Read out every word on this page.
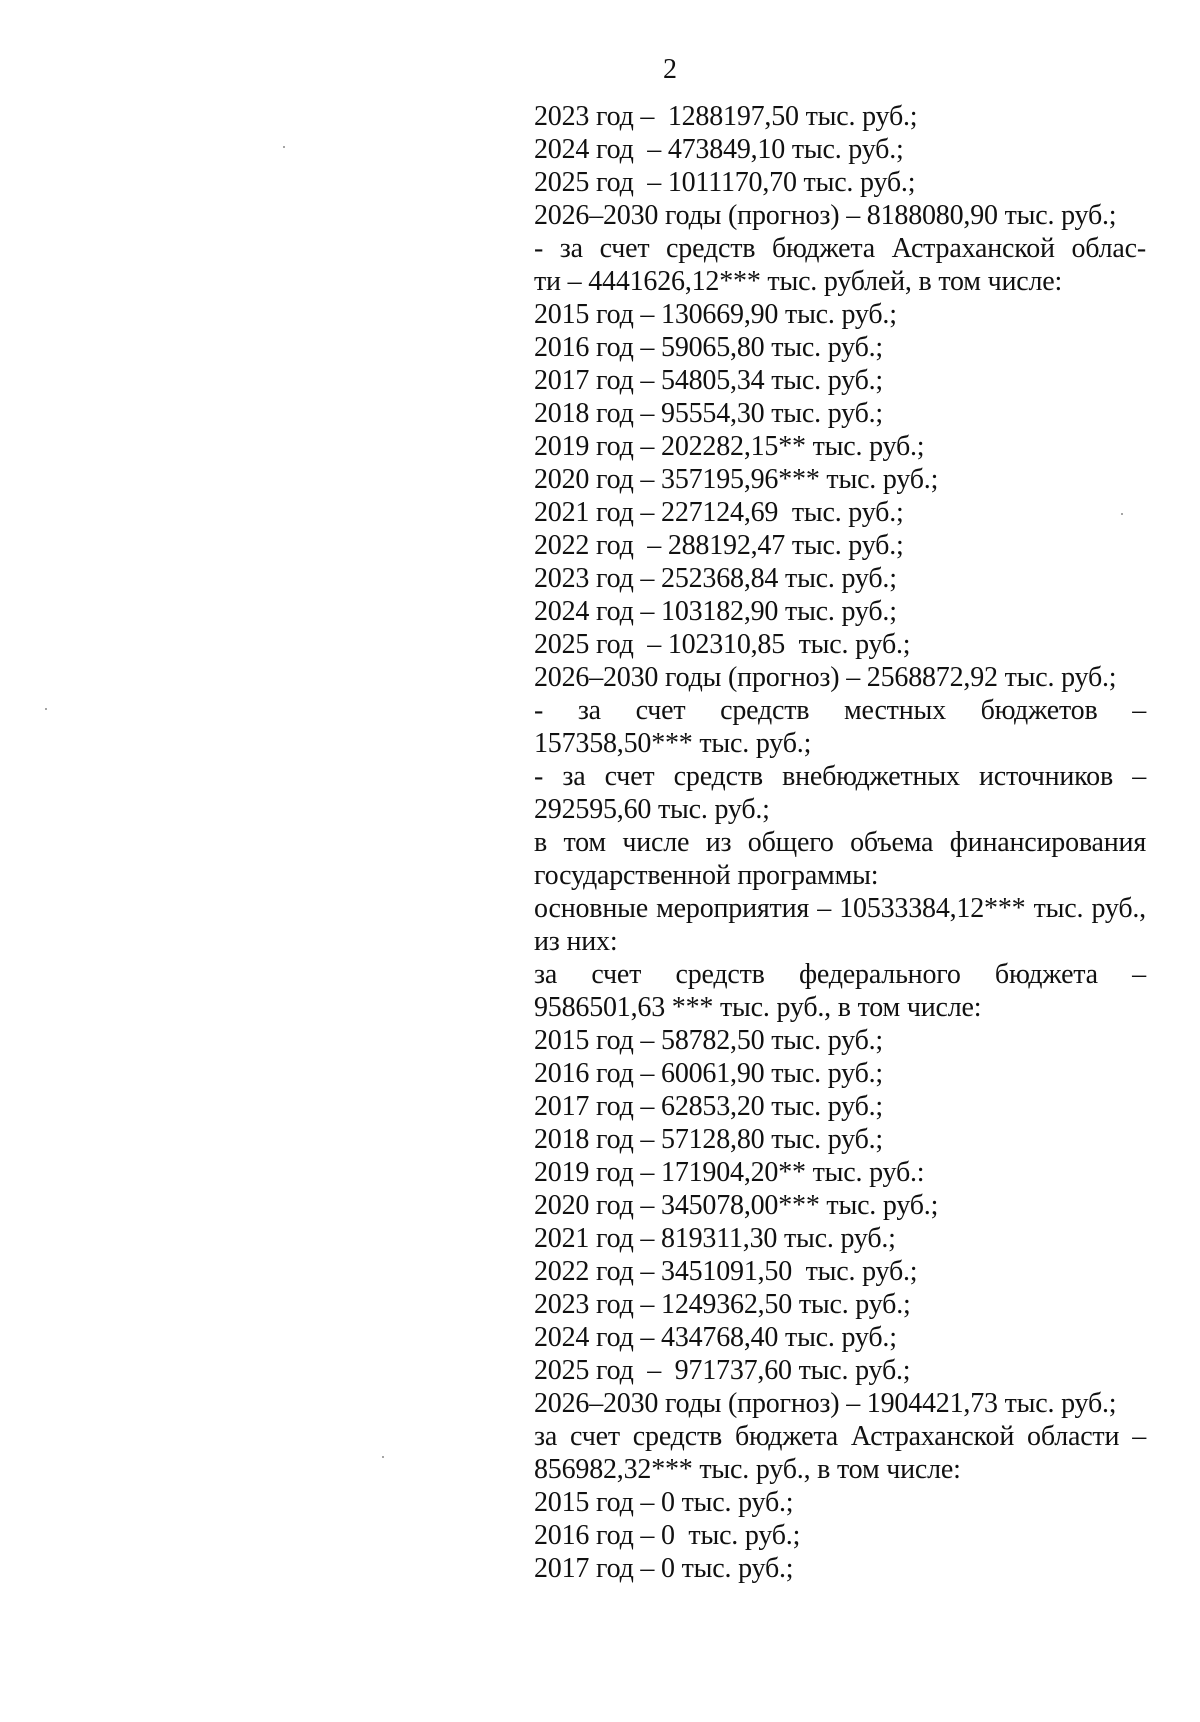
2
2023 год –  1288197,50 тыс. руб.;
2024 год  – 473849,10 тыс. руб.;
2025 год  – 1011170,70 тыс. руб.;
2026–2030 годы (прогноз) – 8188080,90 тыс. руб.;
- за счет средств бюджета Астраханской облас-
ти – 4441626,12*** тыс. рублей, в том числе:
2015 год – 130669,90 тыс. руб.;
2016 год – 59065,80 тыс. руб.;
2017 год – 54805,34 тыс. руб.;
2018 год – 95554,30 тыс. руб.;
2019 год – 202282,15** тыс. руб.;
2020 год – 357195,96*** тыс. руб.;
2021 год – 227124,69  тыс. руб.;
2022 год  – 288192,47 тыс. руб.;
2023 год – 252368,84 тыс. руб.;
2024 год – 103182,90 тыс. руб.;
2025 год  – 102310,85  тыс. руб.;
2026–2030 годы (прогноз) – 2568872,92 тыс. руб.;
- за счет средств местных бюджетов –
157358,50*** тыс. руб.;
- за счет средств внебюджетных источников –
292595,60 тыс. руб.;
в том числе из общего объема финансирования
государственной программы:
основные мероприятия – 10533384,12*** тыс. руб.,
из них:
за счет средств федерального бюджета –
9586501,63 *** тыс. руб., в том числе:
2015 год – 58782,50 тыс. руб.;
2016 год – 60061,90 тыс. руб.;
2017 год – 62853,20 тыс. руб.;
2018 год – 57128,80 тыс. руб.;
2019 год – 171904,20** тыс. руб.:
2020 год – 345078,00*** тыс. руб.;
2021 год – 819311,30 тыс. руб.;
2022 год – 3451091,50  тыс. руб.;
2023 год – 1249362,50 тыс. руб.;
2024 год – 434768,40 тыс. руб.;
2025 год  –  971737,60 тыс. руб.;
2026–2030 годы (прогноз) – 1904421,73 тыс. руб.;
за счет средств бюджета Астраханской области –
856982,32*** тыс. руб., в том числе:
2015 год – 0 тыс. руб.;
2016 год – 0  тыс. руб.;
2017 год – 0 тыс. руб.;
